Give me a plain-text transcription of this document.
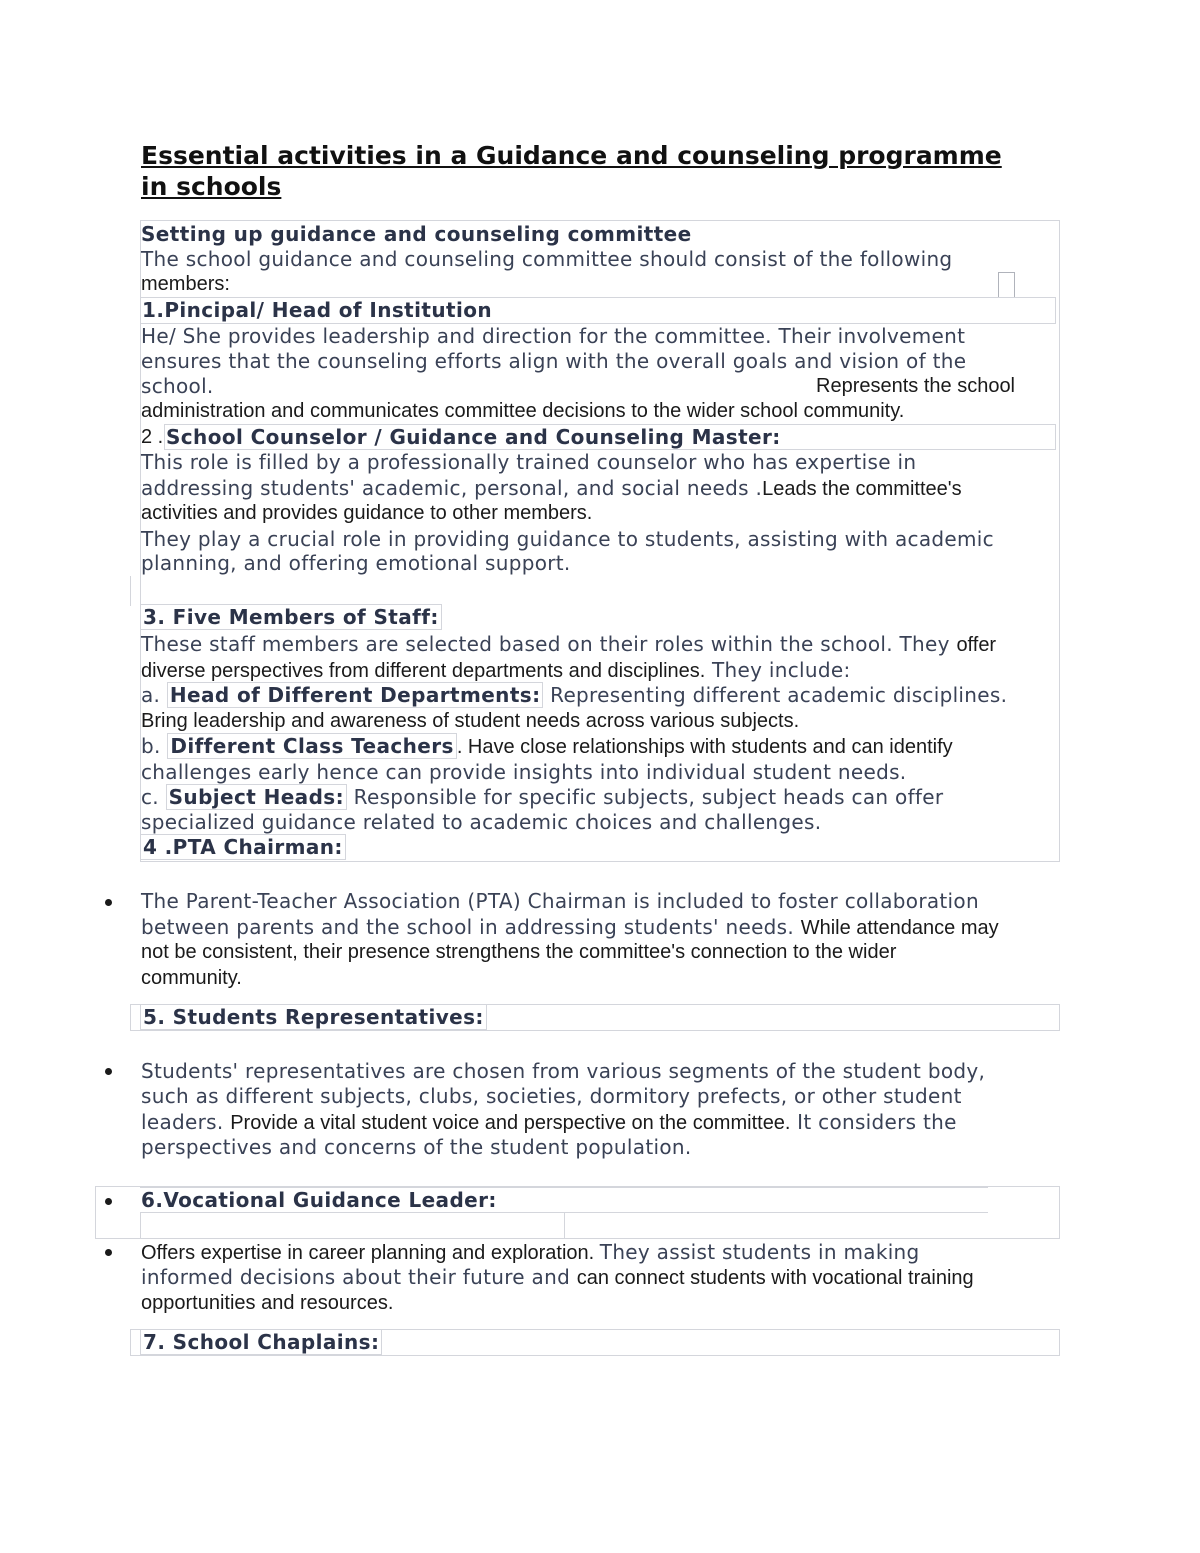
Essential activities in a Guidance and counseling programme
in schools
Setting up guidance and counseling committee
The school guidance and counseling committee should consist of the following
members:
1.Pincipal/ Head of Institution
He/ She provides leadership and direction for the committee. Their involvement
ensures that the counseling efforts align with the overall goals and vision of the
school.	Represents the school
administration and communicates committee decisions to the wider school community.
2 . School Counselor / Guidance and Counseling Master:
This role is filled by a professionally trained counselor who has expertise in
addressing students' academic, personal, and social needs .Leads the committee's
activities and provides guidance to other members.
They play a crucial role in providing guidance to students, assisting with academic
planning, and offering emotional support.
3. Five Members of Staff:
These staff members are selected based on their roles within the school. They offer
diverse perspectives from different departments and disciplines. They include:
a. Head of Different Departments: Representing different academic disciplines.
Bring leadership and awareness of student needs across various subjects.
b. Different Class Teachers . Have close relationships with students and can identify
challenges early hence can provide insights into individual student needs.
c. Subject Heads: Responsible for specific subjects, subject heads can offer
specialized guidance related to academic choices and challenges.
4 .PTA Chairman:
The Parent-Teacher Association (PTA) Chairman is included to foster collaboration
between parents and the school in addressing students' needs. While attendance may
not be consistent, their presence strengthens the committee's connection to the wider
community.
5. Students Representatives:
Students' representatives are chosen from various segments of the student body,
such as different subjects, clubs, societies, dormitory prefects, or other student
leaders. Provide a vital student voice and perspective on the committee. It considers the
perspectives and concerns of the student population.
6.Vocational Guidance Leader:
Offers expertise in career planning and exploration. They assist students in making
informed decisions about their future and can connect students with vocational training
opportunities and resources.
7. School Chaplains:
